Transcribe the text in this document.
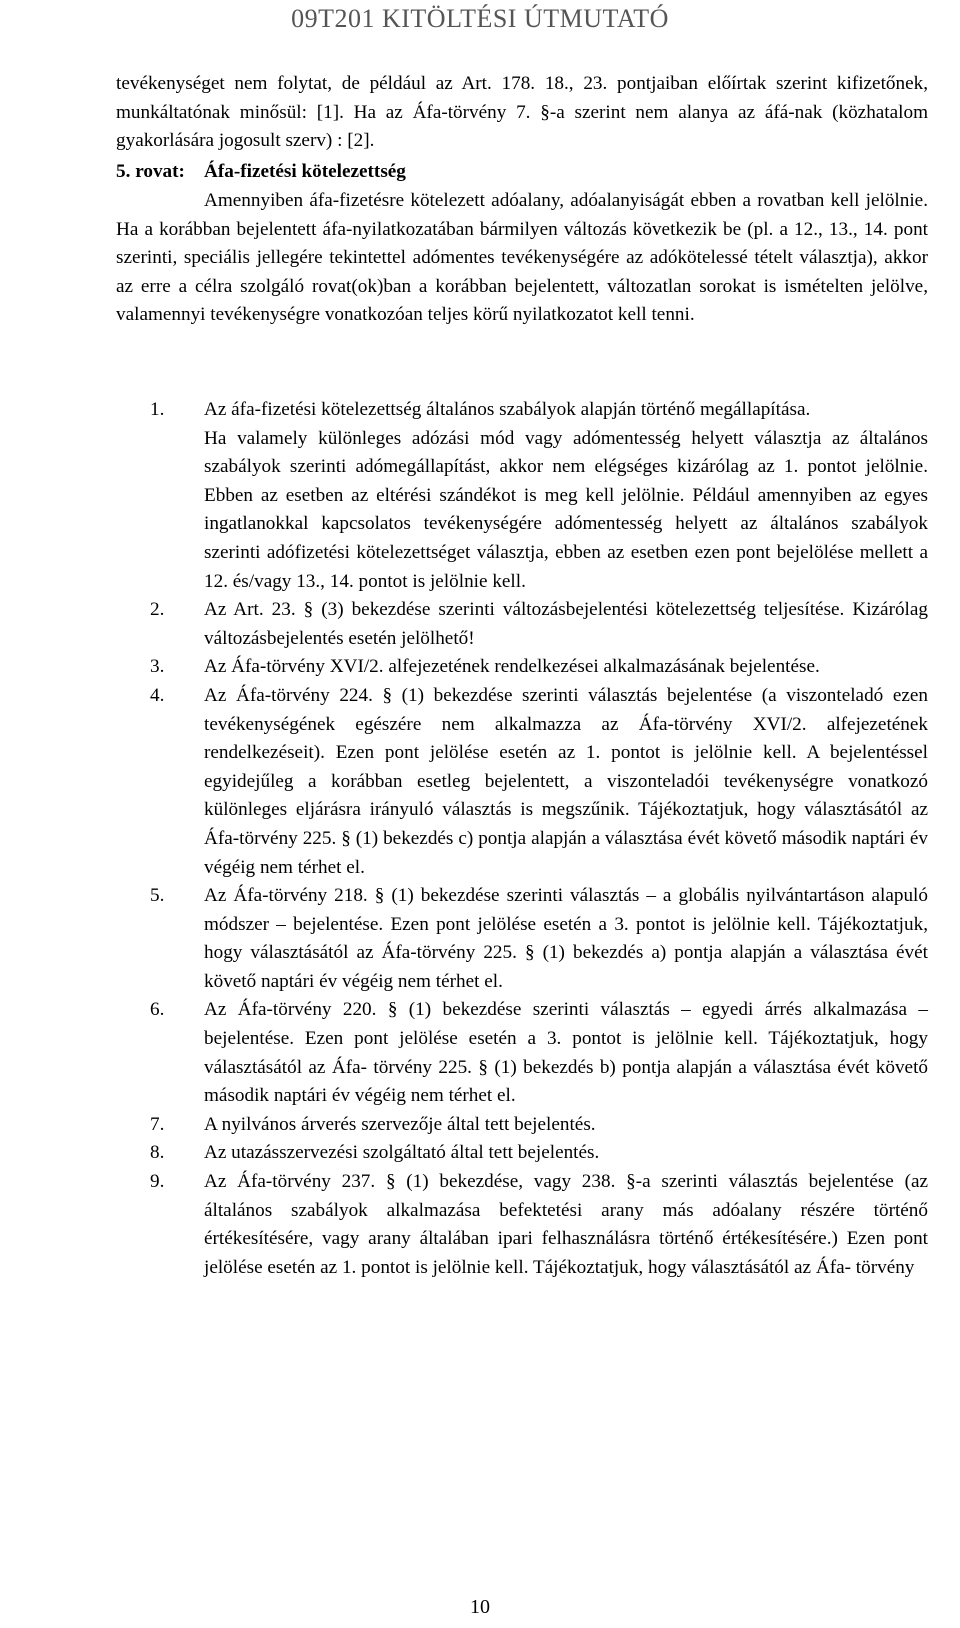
09T201 KITÖLTÉSI ÚTMUTATÓ
tevékenységet nem folytat, de például az Art. 178. 18., 23. pontjaiban előírtak szerint kifizetőnek, munkáltatónak minősül: [1]. Ha az Áfa-törvény 7. §-a szerint nem alanya az áfá-nak (közhatalom gyakorlására jogosult szerv) : [2].
5. rovat: Áfa-fizetési kötelezettség
Amennyiben áfa-fizetésre kötelezett adóalany, adóalanyiságát ebben a rovatban kell jelölnie. Ha a korábban bejelentett áfa-nyilatkozatában bármilyen változás következik be (pl. a 12., 13., 14. pont szerinti, speciális jellegére tekintettel adómentes tevékenységére az adókötelessé tételt választja), akkor az erre a célra szolgáló rovat(ok)ban a korábban bejelentett, változatlan sorokat is ismételten jelölve, valamennyi tevékenységre vonatkozóan teljes körű nyilatkozatot kell tenni.
1.	Az áfa-fizetési kötelezettség általános szabályok alapján történő megállapítása.
Ha valamely különleges adózási mód vagy adómentesség helyett választja az általános szabályok szerinti adómegállapítást, akkor nem elégséges kizárólag az 1. pontot jelölnie. Ebben az esetben az eltérési szándékot is meg kell jelölnie. Például amennyiben az egyes ingatlanokkal kapcsolatos tevékenységére adómentesség helyett az általános szabályok szerinti adófizetési kötelezettséget választja, ebben az esetben ezen pont bejelölése mellett a 12. és/vagy 13., 14. pontot is jelölnie kell.
2.	Az Art. 23. § (3) bekezdése szerinti változásbejelentési kötelezettség teljesítése. Kizárólag változásbejelentés esetén jelölhető!
3.	Az Áfa-törvény XVI/2. alfejezetének rendelkezései alkalmazásának bejelentése.
4.	Az Áfa-törvény 224. § (1) bekezdése szerinti választás bejelentése (a viszonteladó ezen tevékenységének egészére nem alkalmazza az Áfa-törvény XVI/2. alfejezetének rendelkezéseit). Ezen pont jelölése esetén az 1. pontot is jelölnie kell. A bejelentéssel egyidejűleg a korábban esetleg bejelentett, a viszonteladói tevékenységre vonatkozó különleges eljárásra irányuló választás is megszűnik. Tájékoztatjuk, hogy választásától az Áfa-törvény 225. § (1) bekezdés c) pontja alapján a választása évét követő második naptári év végéig nem térhet el.
5.	Az Áfa-törvény 218. § (1) bekezdése szerinti választás – a globális nyilvántartáson alapuló módszer – bejelentése. Ezen pont jelölése esetén a 3. pontot is jelölnie kell. Tájékoztatjuk, hogy választásától az Áfa-törvény 225. § (1) bekezdés a) pontja alapján a választása évét követő naptári év végéig nem térhet el.
6.	Az Áfa-törvény 220. § (1) bekezdése szerinti választás – egyedi árrés alkalmazása – bejelentése. Ezen pont jelölése esetén a 3. pontot is jelölnie kell. Tájékoztatjuk, hogy választásától az Áfa- törvény 225. § (1) bekezdés b) pontja alapján a választása évét követő második naptári év végéig nem térhet el.
7.	A nyilvános árverés szervezője által tett bejelentés.
8.	Az utazásszervezési szolgáltató által tett bejelentés.
9.	Az Áfa-törvény 237. § (1) bekezdése, vagy 238. §-a szerinti választás bejelentése (az általános szabályok alkalmazása befektetési arany más adóalany részére történő értékesítésére, vagy arany általában ipari felhasználásra történő értékesítésére.) Ezen pont jelölése esetén az 1. pontot is jelölnie kell. Tájékoztatjuk, hogy választásától az Áfa- törvény
10
